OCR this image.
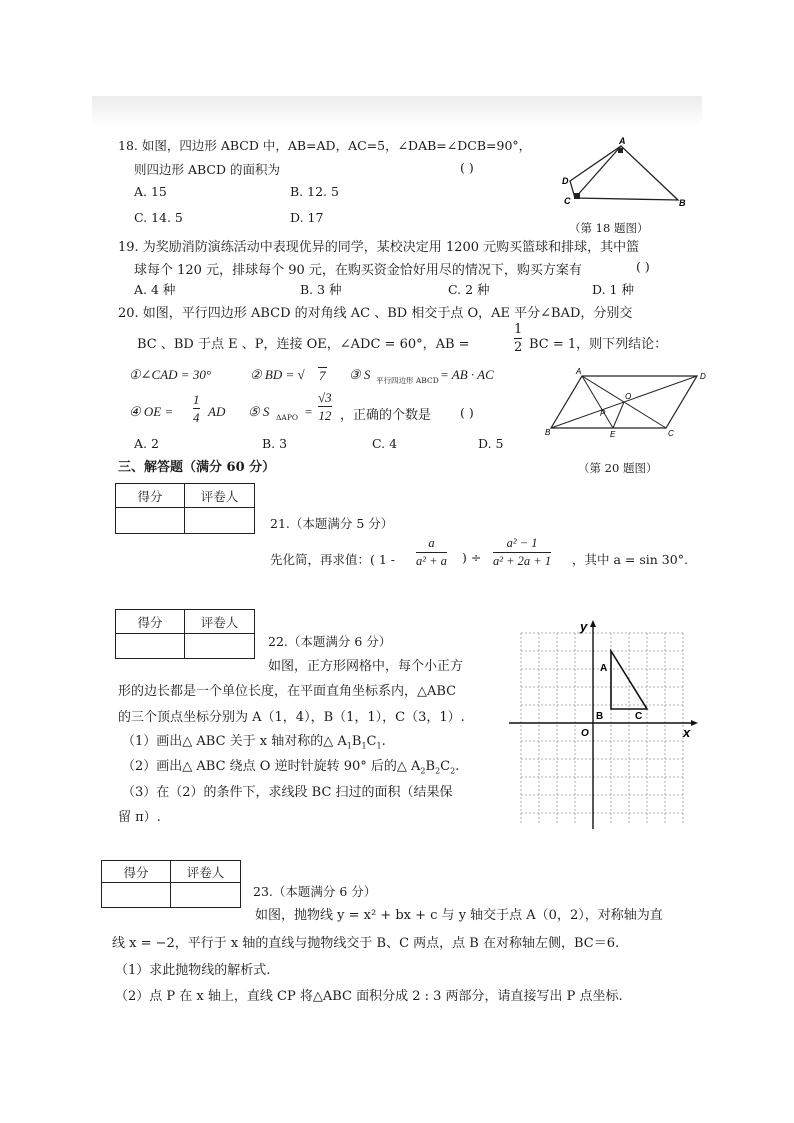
18. 如图，四边形 ABCD 中，AB=AD，AC=5，∠DAB=∠DCB=90°，
则四边形 ABCD 的面积为	( )
A. 15	B. 12. 5
C. 14. 5	D. 17
A
B
C
D
（第 18 题图）
19. 为奖励消防演练活动中表现优异的同学，某校决定用 1200 元购买篮球和排球，其中篮
球每个 120 元，排球每个 90 元，在购买资金恰好用尽的情况下，购买方案有	( )
A. 4 种	B. 3 种	C. 2 种	D. 1 种
20. 如图，平行四边形 ABCD 的对角线 AC 、BD 相交于点 O，AE 平分∠BAD，分别交
BC 、BD 于点 E 、P，连接 OE，∠ADC = 60°，AB =
1
2 BC = 1，则下列结论：
①∠CAD = 30°	② BD = √ 7 ③ S 平行四边形 ABCD = AB · AC
④ OE =
1
4 AD ⑤ S ΔAPO =
√3
12 ，正确的个数是 ( )
A. 2	B. 3	C. 4	D. 5
A
D
B	C
O
P
E
（第 20 题图）
三、解答题（满分 60 分）
得分	评卷人

21.（本题满分 5 分）
先化简，再求值：( 1 -
a
a² + a ) ÷
a² − 1
a² + 2a + 1 ，其中 a = sin 30°.
得分	评卷人

22.（本题满分 6 分）
如图，正方形网格中，每个小正方
形的边长都是一个单位长度，在平面直角坐标系内，△ABC
的三个顶点坐标分别为 A（1，4），B（1，1），C（3，1）.
（1）画出△ ABC 关于 x 轴对称的△ $A_1B_1C_1$.
（2）画出△ ABC 绕点 O 逆时针旋转 90° 后的△ $A_2B_2C_2$.
（3）在（2）的条件下，求线段 BC 扫过的面积（结果保
留 π）.
y
x
O
A
B	C
得分	评卷人

23.（本题满分 6 分）
如图，抛物线 y = x² + bx + c 与 y 轴交于点 A（0，2），对称轴为直
线 x = −2，平行于 x 轴的直线与抛物线交于 B、C 两点，点 B 在对称轴左侧，BC＝6.
（1）求此抛物线的解析式.
（2）点 P 在 x 轴上，直线 CP 将△ABC 面积分成 2 : 3 两部分，请直接写出 P 点坐标.
